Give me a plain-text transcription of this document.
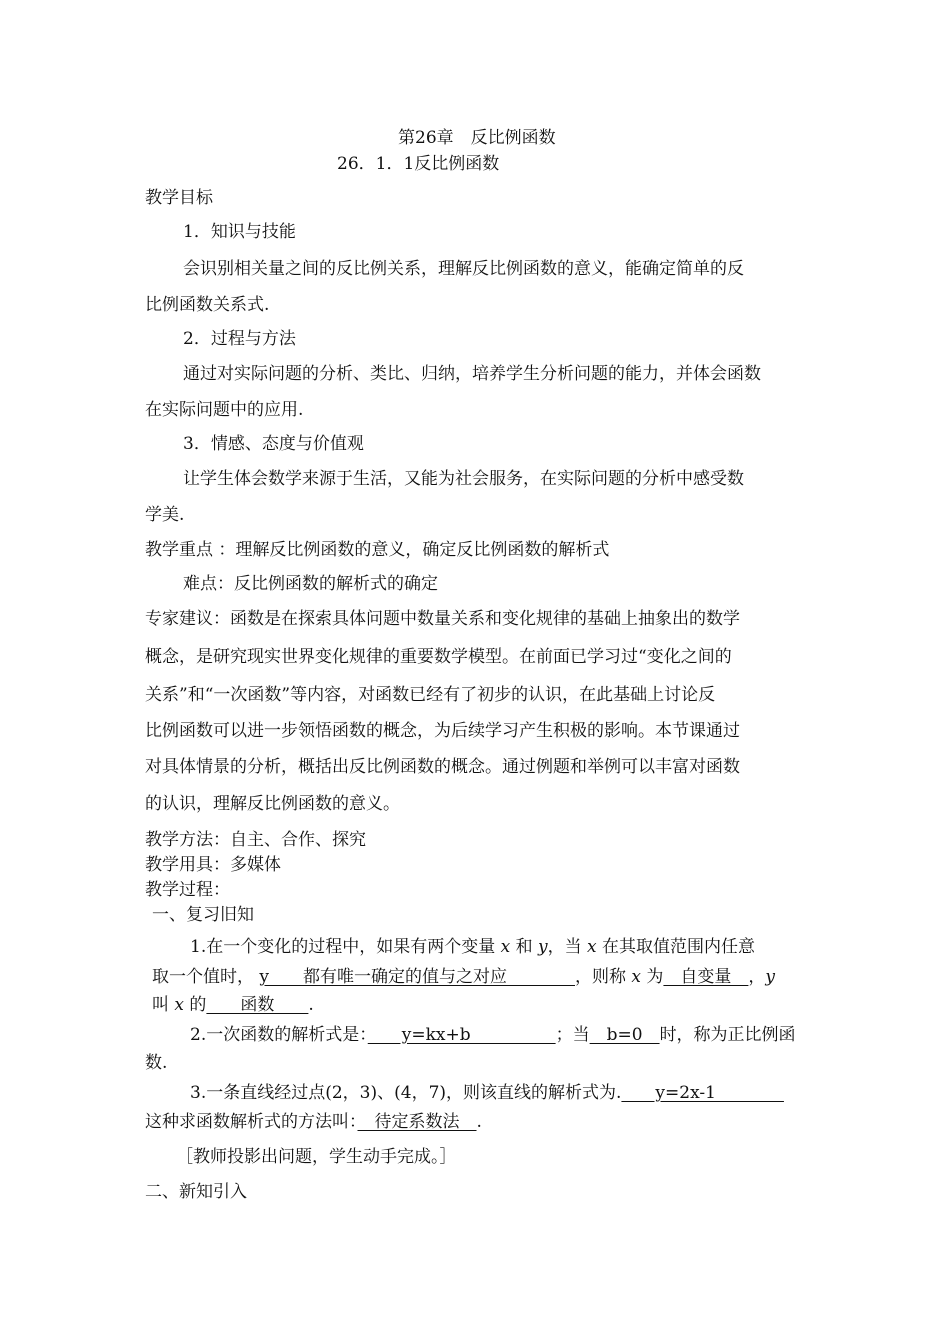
第26章　反比例函数
26．1．1反比例函数
教学目标
1．知识与技能
会识别相关量之间的反比例关系，理解反比例函数的意义，能确定简单的反
比例函数关系式.
2．过程与方法
通过对实际问题的分析、类比、归纳，培养学生分析问题的能力，并体会函数
在实际问题中的应用.
3．情感、态度与价值观
让学生体会数学来源于生活，又能为社会服务，在实际问题的分析中感受数
学美.
教学重点 ：理解反比例函数的意义，确定反比例函数的解析式
难点：反比例函数的解析式的确定
专家建议：函数是在探索具体问题中数量关系和变化规律的基础上抽象出的数学
概念，是研究现实世界变化规律的重要数学模型。在前面已学习过“变化之间的
关系”和“一次函数”等内容，对函数已经有了初步的认识，在此基础上讨论反
比例函数可以进一步领悟函数的概念，为后续学习产生积极的影响。本节课通过
对具体情景的分析，概括出反比例函数的概念。通过例题和举例可以丰富对函数
的认识，理解反比例函数的意义。
教学方法：自主、合作、探究
教学用具：多媒体
教学过程：
一、复习旧知
1.在一个变化的过程中，如果有两个变量 x 和 y，当 x 在其取值范围内任意
取一个值时， y　　都有唯一确定的值与之对应　　　　，则称 x 为　自变量　，y
叫 x 的　　函数　　.
2.一次函数的解析式是：　　y=kx+b　　　　　；当　b=0　时，称为正比例函
数.
3.一条直线经过点(2，3)、(4，7)，则该直线的解析式为.　　y=2x-1　　　　
这种求函数解析式的方法叫：　待定系数法　.
［教师投影出问题，学生动手完成。］
二、新知引入
